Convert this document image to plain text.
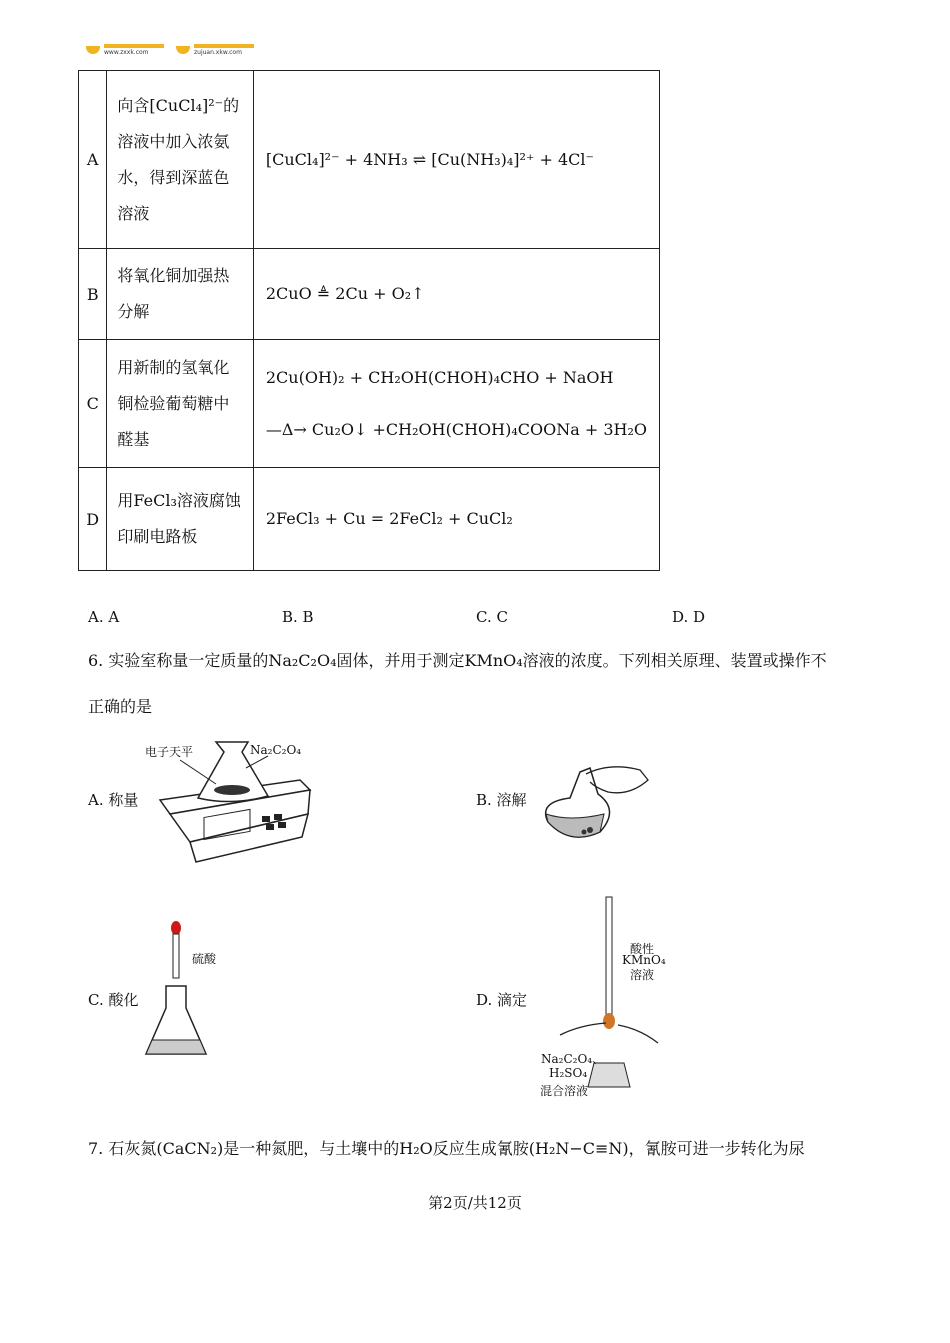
www.zxxk.com	zujuan.xkw.com
A	向含[CuCl₄]²⁻的溶液中加入浓氨水，得到深蓝色溶液	[CuCl₄]²⁻ + 4NH₃ ⇌ [Cu(NH₃)₄]²⁺ + 4Cl⁻

B	将氧化铜加强热分解	2CuO ≜ 2Cu + O₂↑

C	用新制的氢氧化铜检验葡萄糖中醛基	2Cu(OH)₂ + CH₂OH(CHOH)₄CHO + NaOH
—Δ→ Cu₂O↓ +CH₂OH(CHOH)₄COONa + 3H₂O

D	用FeCl₃溶液腐蚀印刷电路板	2FeCl₃ + Cu = 2FeCl₂ + CuCl₂
A. A	B. B	C. C	D. D
6. 实验室称量一定质量的Na₂C₂O₄固体，并用于测定KMnO₄溶液的浓度。下列相关原理、装置或操作不
正确的是
A. 称量
电子天平	Na₂C₂O₄
B. 溶解
C. 酸化
硫酸
D. 滴定
酸性
KMnO₄
溶液
Na₂C₂O₄、
H₂SO₄
混合溶液
7. 石灰氮(CaCN₂)是一种氮肥，与土壤中的H₂O反应生成氰胺(H₂N−C≡N)，氰胺可进一步转化为尿
第2页/共12页
